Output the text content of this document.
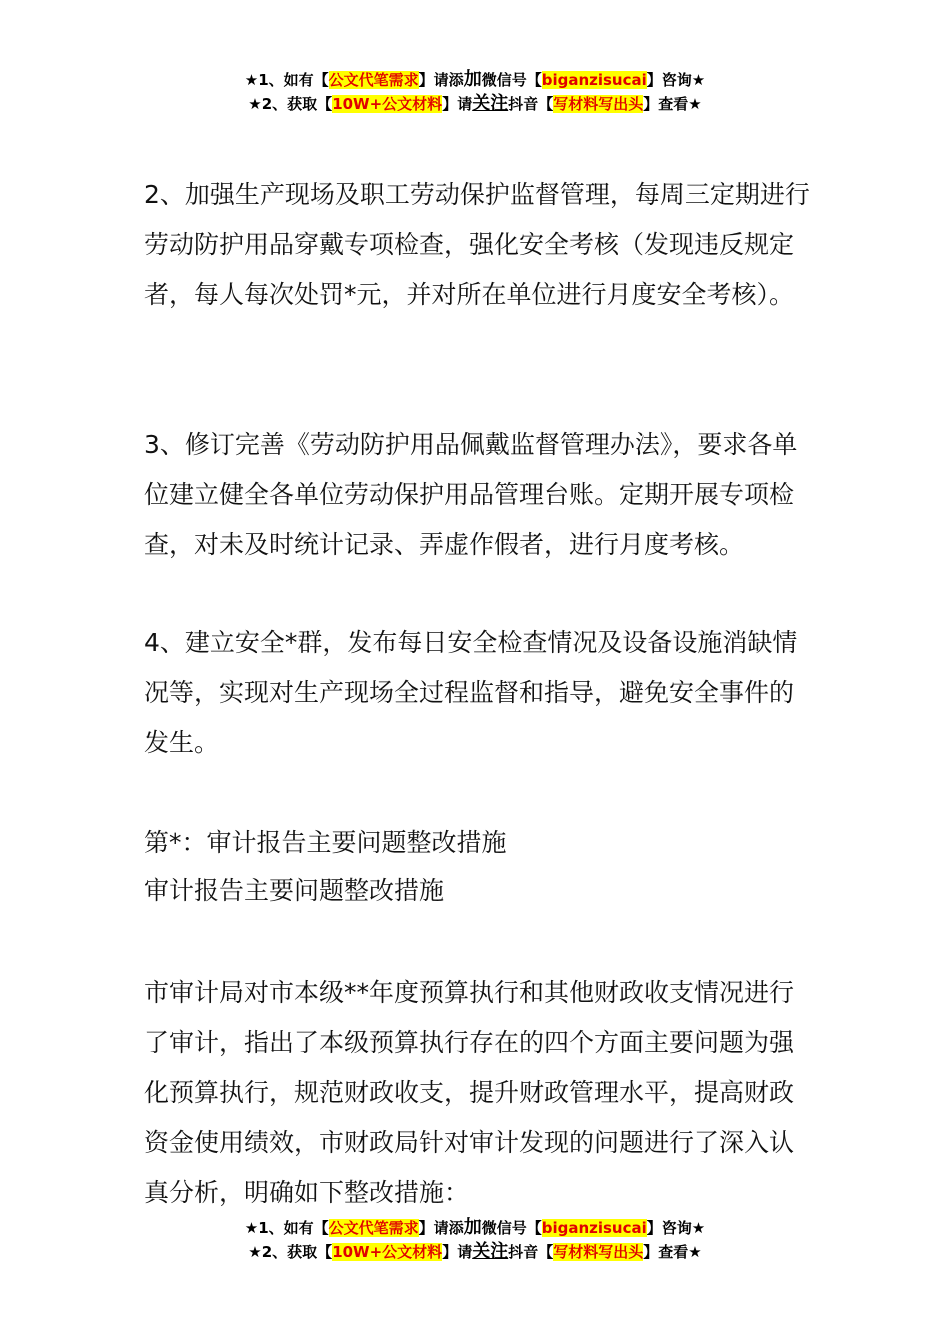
★1、如有【公文代笔需求】请添加微信号【biganzisucai】咨询★
★2、获取【10W+公文材料】请关注抖音【写材料写出头】查看★

2、加强生产现场及职工劳动保护监督管理，每周三定期进行劳动防护用品穿戴专项检查，强化安全考核（发现违反规定者，每人每次处罚*元，并对所在单位进行月度安全考核）。

3、修订完善《劳动防护用品佩戴监督管理办法》，要求各单位建立健全各单位劳动保护用品管理台账。定期开展专项检查，对未及时统计记录、弄虚作假者，进行月度考核。

4、建立安全*群，发布每日安全检查情况及设备设施消缺情况等，实现对生产现场全过程监督和指导，避免安全事件的发生。

第*：审计报告主要问题整改措施

审计报告主要问题整改措施

市审计局对市本级**年度预算执行和其他财政收支情况进行了审计，指出了本级预算执行存在的四个方面主要问题为强化预算执行，规范财政收支，提升财政管理水平，提高财政资金使用绩效，市财政局针对审计发现的问题进行了深入认真分析，明确如下整改措施：

★1、如有【公文代笔需求】请添加微信号【biganzisucai】咨询★
★2、获取【10W+公文材料】请关注抖音【写材料写出头】查看★
